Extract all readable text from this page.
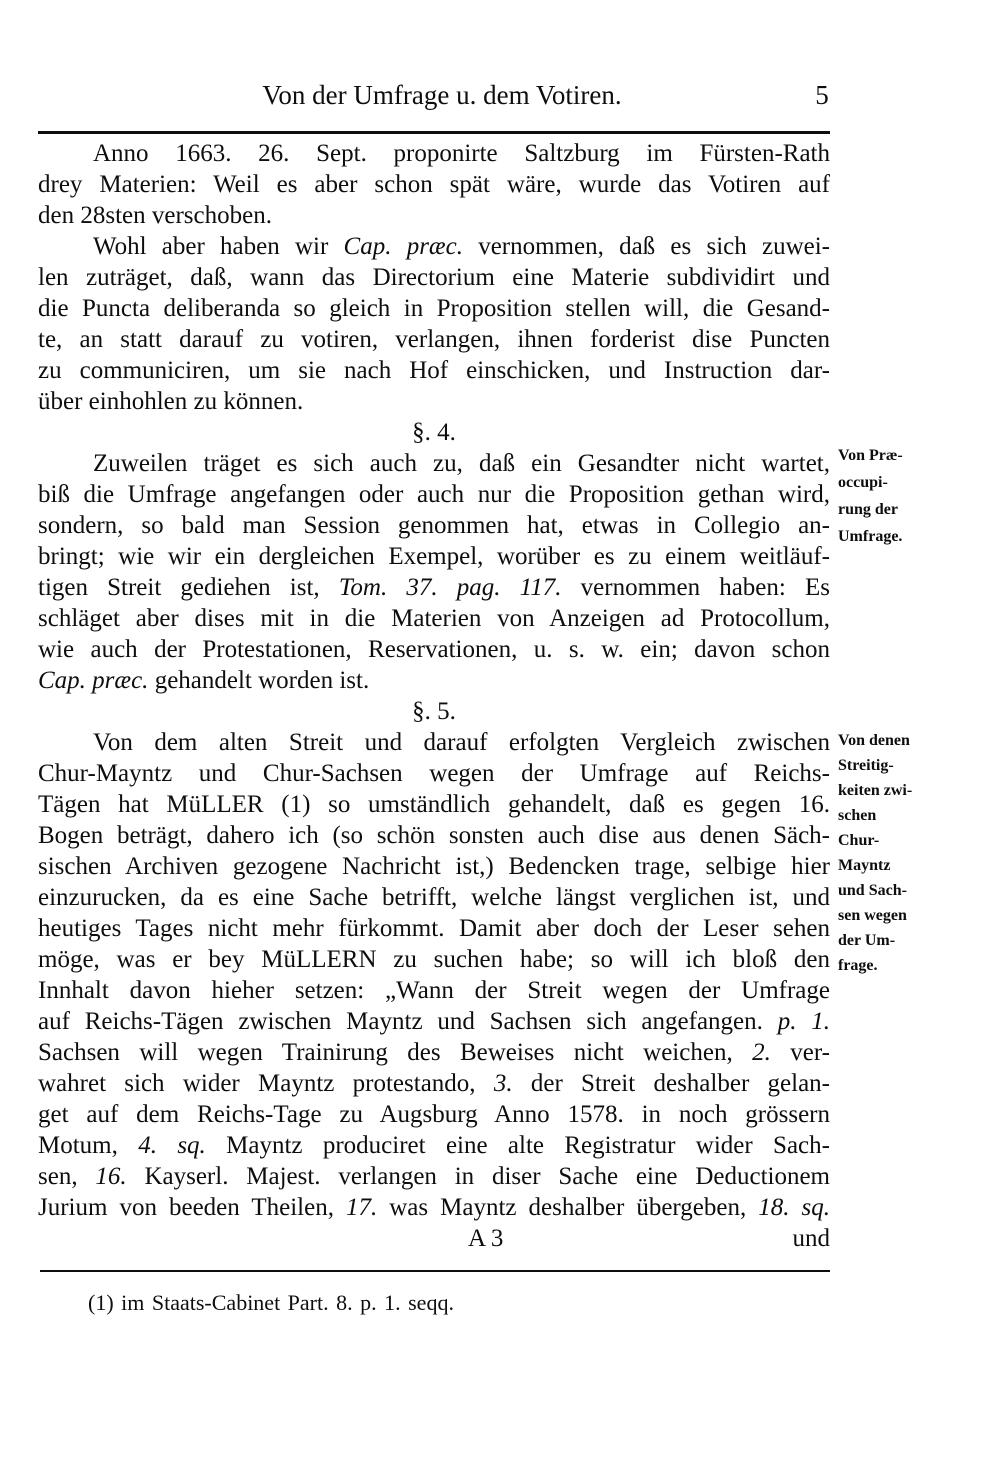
Von der Umfrage u. dem Votiren.	5
Anno 1663. 26. Sept. proponirte Saltzburg im Fürsten-Rath
drey Materien: Weil es aber schon spät wäre, wurde das Votiren auf
den 28sten verschoben.
Wohl aber haben wir Cap. præc. vernommen, daß es sich zuwei-
len zuträget, daß, wann das Directorium eine Materie subdividirt und
die Puncta deliberanda so gleich in Proposition stellen will, die Gesand-
te, an statt darauf zu votiren, verlangen, ihnen forderist dise Puncten
zu communiciren, um sie nach Hof einschicken, und Instruction dar-
über einhohlen zu können.
§. 4.
Zuweilen träget es sich auch zu, daß ein Gesandter nicht wartet,
biß die Umfrage angefangen oder auch nur die Proposition gethan wird,
sondern, so bald man Session genommen hat, etwas in Collegio an-
bringt; wie wir ein dergleichen Exempel, worüber es zu einem weitläuf-
tigen Streit gediehen ist, Tom. 37. pag. 117. vernommen haben: Es
schläget aber dises mit in die Materien von Anzeigen ad Protocollum,
wie auch der Protestationen, Reservationen, u. s. w. ein; davon schon
Cap. præc. gehandelt worden ist.
§. 5.
Von dem alten Streit und darauf erfolgten Vergleich zwischen
Chur-Mayntz und Chur-Sachsen wegen der Umfrage auf Reichs-
Tägen hat MüLLER (1) so umständlich gehandelt, daß es gegen 16.
Bogen beträgt, dahero ich (so schön sonsten auch dise aus denen Säch-
sischen Archiven gezogene Nachricht ist,) Bedencken trage, selbige hier
einzurucken, da es eine Sache betrifft, welche längst verglichen ist, und
heutiges Tages nicht mehr fürkommt. Damit aber doch der Leser sehen
möge, was er bey MüLLERN zu suchen habe; so will ich bloß den
Innhalt davon hieher setzen: „Wann der Streit wegen der Umfrage
auf Reichs-Tägen zwischen Mayntz und Sachsen sich angefangen. p. 1.
Sachsen will wegen Trainirung des Beweises nicht weichen, 2. ver-
wahret sich wider Mayntz protestando, 3. der Streit deshalber gelan-
get auf dem Reichs-Tage zu Augsburg Anno 1578. in noch grössern
Motum, 4. sq. Mayntz produciret eine alte Registratur wider Sach-
sen, 16. Kayserl. Majest. verlangen in diser Sache eine Deductionem
Jurium von beeden Theilen, 17. was Mayntz deshalber übergeben, 18. sq.
A 3	und
Von Præ-
occupi-
rung der
Umfrage.
Von denen
Streitig-
keiten zwi-
schen
Chur-
Mayntz
und Sach-
sen wegen
der Um-
frage.
(1) im Staats-Cabinet Part. 8. p. 1. seqq.
